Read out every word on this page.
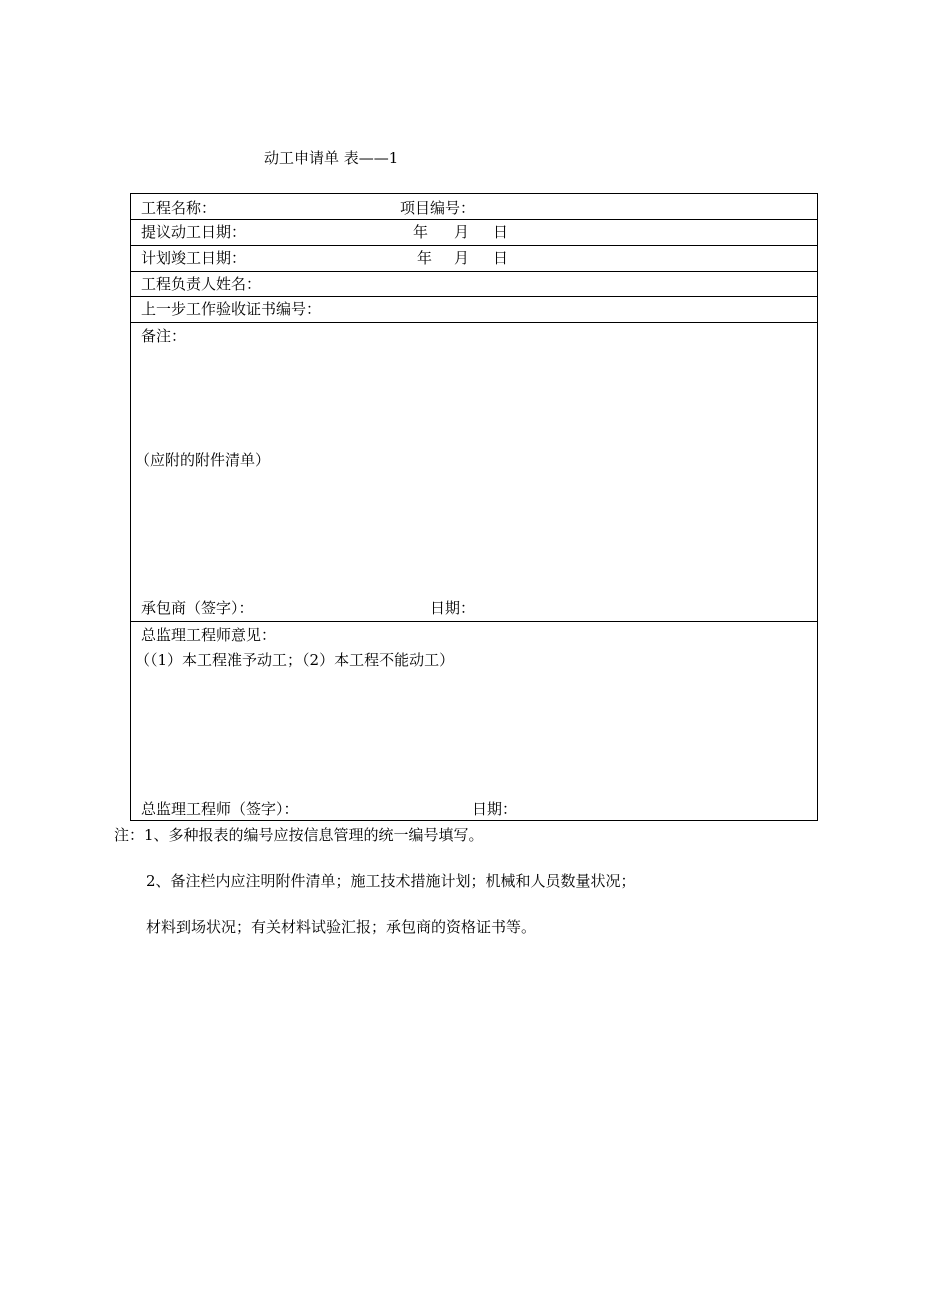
动工申请单 表——1
工程名称：	项目编号：
提议动工日期：	年 月 日
计划竣工日期：	年 月 日
工程负责人姓名：
上一步工作验收证书编号：
备注：
（应附的附件清单）
承包商（签字）：	日期：
总监理工程师意见：
（（1）本工程准予动工；（2）本工程不能动工）
总监理工程师（签字）：	日期：
注：1、多种报表的编号应按信息管理的统一编号填写。
2、备注栏内应注明附件清单；施工技术措施计划；机械和人员数量状况；
材料到场状况；有关材料试验汇报；承包商的资格证书等。
